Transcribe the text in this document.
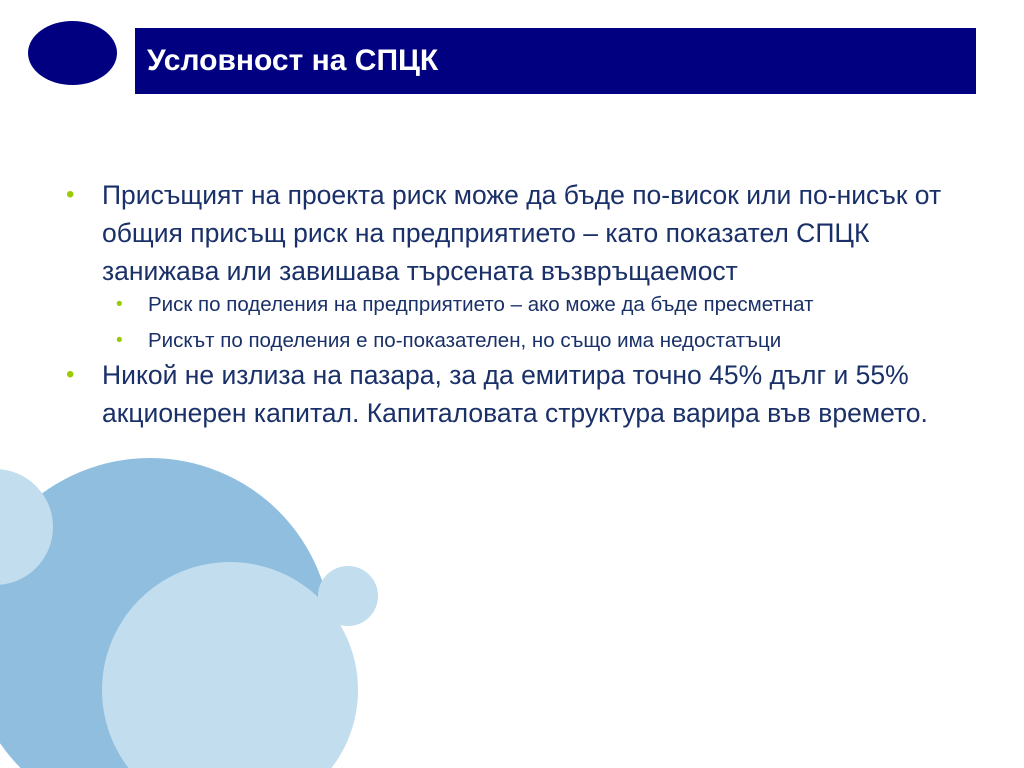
Условност на СПЦК
• Присъщият на проекта риск може да бъде по-висок или по-нисък от общия присъщ риск на предприятието – като показател СПЦК занижава или завишава търсената възвръщаемост
• Риск по поделения на предприятието – ако може да бъде пресметнат
• Рискът по поделения е по-показателен, но също има недостатъци
• Никой не излиза на пазара, за да емитира точно 45% дълг и 55% акционерен капитал. Капиталовата структура варира във времето.
